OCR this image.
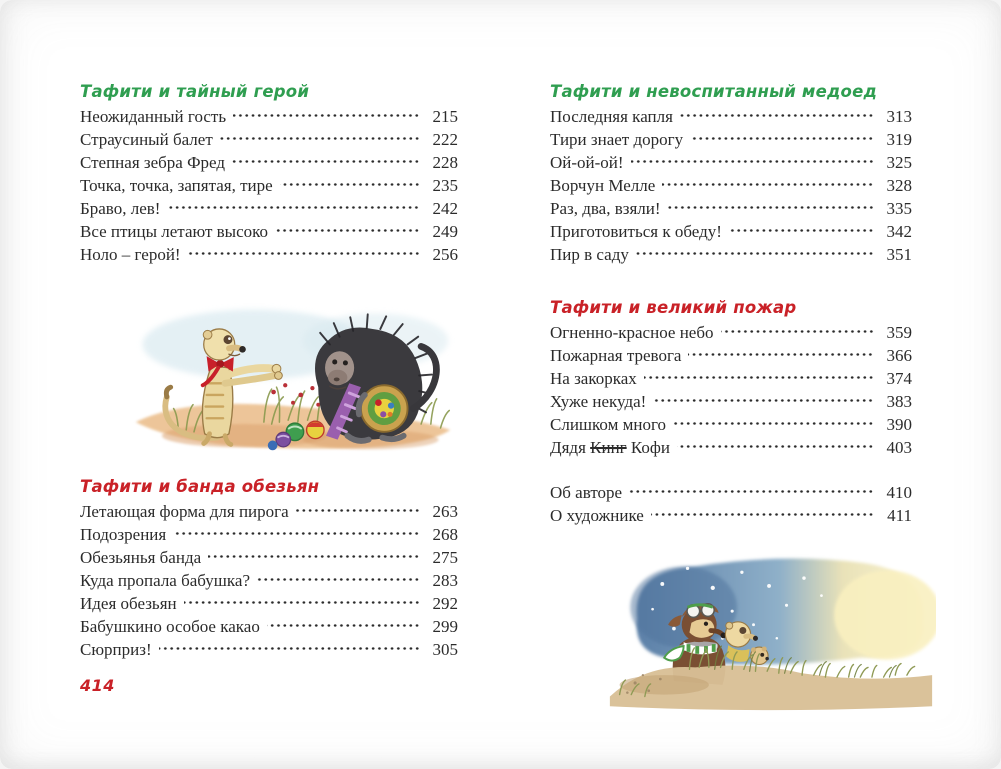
Тафити и тайный герой
Неожиданный гость	215
Страусиный балет	222
Степная зебра Фред	228
Точка, точка, запятая, тире	235
Браво, лев!	242
Все птицы летают высоко	249
Ноло – герой!	256
Тафити и банда обезьян
Летающая форма для пирога	263
Подозрения	268
Обезьянья банда	275
Куда пропала бабушка?	283
Идея обезьян	292
Бабушкино особое какао	299
Сюрприз!	305
Тафити и невоспитанный медоед
Последняя капля	313
Тири знает дорогу	319
Ой-ой-ой!	325
Ворчун Мелле	328
Раз, два, взяли!	335
Приготовиться к обеду!	342
Пир в саду	351
Тафити и великий пожар
Огненно-красное небо	359
Пожарная тревога	366
На закорках	374
Хуже некуда!	383
Слишком много	390
Дядя Кинг Кофи	403
Об авторе	410
О художнике	411
414
